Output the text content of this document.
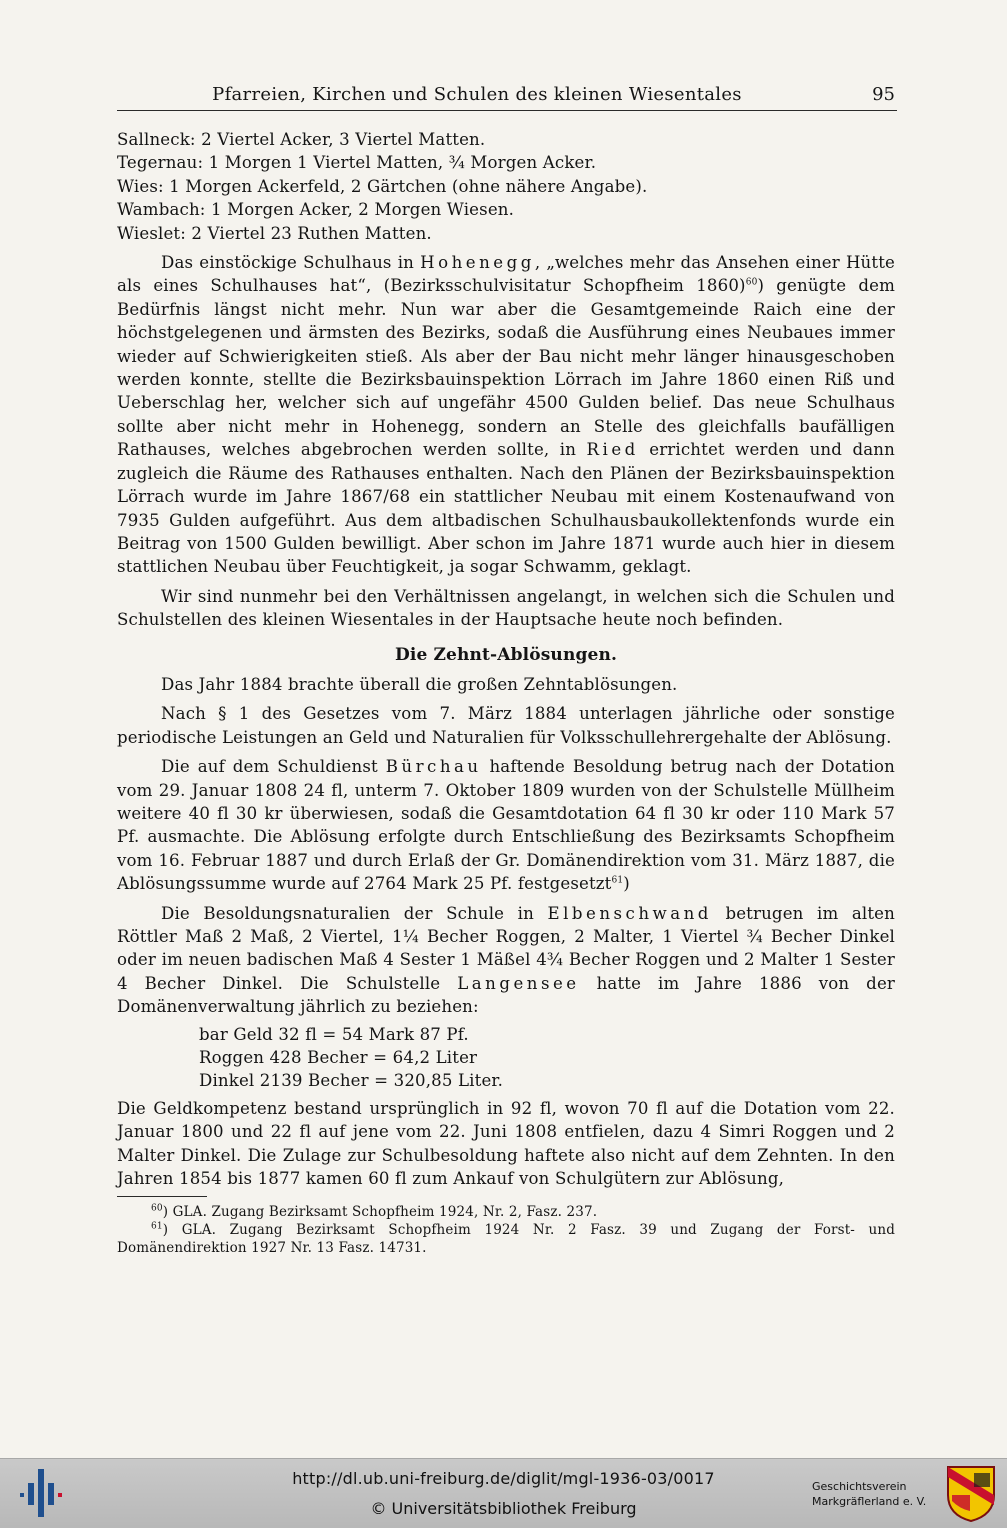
Pfarreien, Kirchen und Schulen des kleinen Wiesentales	95

Sallneck: 2 Viertel Acker, 3 Viertel Matten.

Tegernau: 1 Morgen 1 Viertel Matten, ¾ Morgen Acker.

Wies: 1 Morgen Ackerfeld, 2 Gärtchen (ohne nähere Angabe).

Wambach: 1 Morgen Acker, 2 Morgen Wiesen.

Wieslet: 2 Viertel 23 Ruthen Matten.

Das einstöckige Schulhaus in Hohenegg, „welches mehr das Ansehen einer Hütte als eines Schulhauses hat“, (Bezirksschulvisitatur Schopfheim 1860)$^{60}$) genügte dem Bedürfnis längst nicht mehr. Nun war aber die Gesamtgemeinde Raich eine der höchstgelegenen und ärmsten des Bezirks, sodaß die Ausführung eines Neubaues immer wieder auf Schwierigkeiten stieß. Als aber der Bau nicht mehr länger hinausgeschoben werden konnte, stellte die Bezirksbauinspektion Lörrach im Jahre 1860 einen Riß und Ueberschlag her, welcher sich auf ungefähr 4500 Gulden belief. Das neue Schulhaus sollte aber nicht mehr in Hohenegg, sondern an Stelle des gleichfalls baufälligen Rathauses, welches abgebrochen werden sollte, in Ried errichtet werden und dann zugleich die Räume des Rathauses enthalten. Nach den Plänen der Bezirksbauinspektion Lörrach wurde im Jahre 1867/68 ein stattlicher Neubau mit einem Kostenaufwand von 7935 Gulden aufgeführt. Aus dem altbadischen Schulhausbaukollektenfonds wurde ein Beitrag von 1500 Gulden bewilligt. Aber schon im Jahre 1871 wurde auch hier in diesem stattlichen Neubau über Feuchtigkeit, ja sogar Schwamm, geklagt.

Wir sind nunmehr bei den Verhältnissen angelangt, in welchen sich die Schulen und Schulstellen des kleinen Wiesentales in der Hauptsache heute noch befinden.

Die Zehnt-Ablösungen.

Das Jahr 1884 brachte überall die großen Zehntablösungen.

Nach § 1 des Gesetzes vom 7. März 1884 unterlagen jährliche oder sonstige periodische Leistungen an Geld und Naturalien für Volksschullehrergehalte der Ablösung.

Die auf dem Schuldienst Bürchau haftende Besoldung betrug nach der Dotation vom 29. Januar 1808 24 fl, unterm 7. Oktober 1809 wurden von der Schulstelle Müllheim weitere 40 fl 30 kr überwiesen, sodaß die Gesamtdotation 64 fl 30 kr oder 110 Mark 57 Pf. ausmachte. Die Ablösung erfolgte durch Entschließung des Bezirksamts Schopfheim vom 16. Februar 1887 und durch Erlaß der Gr. Domänendirektion vom 31. März 1887, die Ablösungssumme wurde auf 2764 Mark 25 Pf. festgesetzt$^{61}$)

Die Besoldungsnaturalien der Schule in Elbenschwand betrugen im alten Röttler Maß 2 Maß, 2 Viertel, 1¼ Becher Roggen, 2 Malter, 1 Viertel ¾ Becher Dinkel oder im neuen badischen Maß 4 Sester 1 Mäßel 4¾ Becher Roggen und 2 Malter 1 Sester 4 Becher Dinkel. Die Schulstelle Langensee hatte im Jahre 1886 von der Domänenverwaltung jährlich zu beziehen:

bar Geld 32 fl = 54 Mark 87 Pf.
Roggen 428 Becher = 64,2 Liter
Dinkel 2139 Becher = 320,85 Liter.

Die Geldkompetenz bestand ursprünglich in 92 fl, wovon 70 fl auf die Dotation vom 22. Januar 1800 und 22 fl auf jene vom 22. Juni 1808 entfielen, dazu 4 Simri Roggen und 2 Malter Dinkel. Die Zulage zur Schulbesoldung haftete also nicht auf dem Zehnten. In den Jahren 1854 bis 1877 kamen 60 fl zum Ankauf von Schulgütern zur Ablösung,

$^{60}$) GLA. Zugang Bezirksamt Schopfheim 1924, Nr. 2, Fasz. 237.

$^{61}$) GLA. Zugang Bezirksamt Schopfheim 1924 Nr. 2 Fasz. 39 und Zugang der Forst- und Domänendirektion 1927 Nr. 13 Fasz. 14731.

http://dl.ub.uni-freiburg.de/diglit/mgl-1936-03/0017
© Universitätsbibliothek Freiburg
Geschichtsverein
Markgräflerland e. V.
